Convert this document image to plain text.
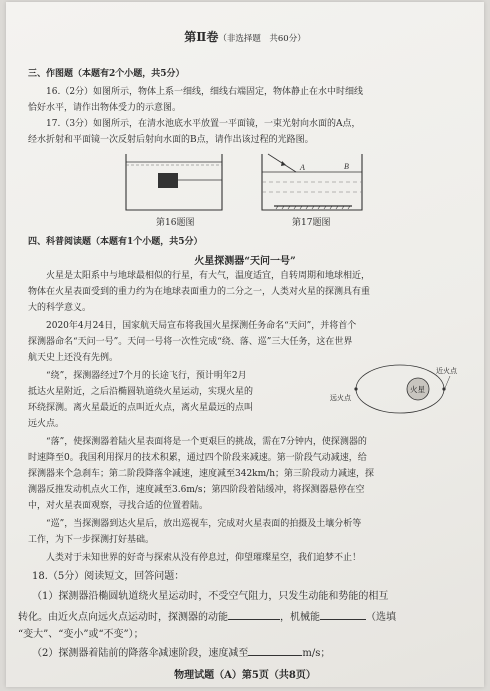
第Ⅱ卷（非选择题　共60分）
三、作图题（本题有2个小题，共5分）
16.（2分）如图所示，物体上系一细线，细线右端固定，物体静止在水中时细线
恰好水平，请作出物体受力的示意图。
17.（3分）如图所示，在清水池底水平放置一平面镜，一束光射向水面的A点，
经水折射和平面镜一次反射后射向水面的B点，请作出该过程的光路图。
第16题图
A	B
第17题图
四、科普阅读题（本题有1个小题，共5分）
火星探测器“天问一号”
火星是太阳系中与地球最相似的行星，有大气，温度适宜，自转周期和地球相近，
物体在火星表面受到的重力约为在地球表面重力的二分之一，人类对火星的探测具有重
大的科学意义。
2020年4月24日，国家航天局宣布将我国火星探测任务命名“天问”，并将首个
探测器命名“天问一号”。天问一号将一次性完成“绕、落、巡”三大任务，这在世界
航天史上还没有先例。
“绕”，探测器经过7个月的长途飞行，预计明年2月
抵达火星附近，之后沿椭圆轨道绕火星运动，实现火星的
环绕探测。离火星最近的点叫近火点，离火星最远的点叫
远火点。
火星
近火点
远火点
“落”，使探测器着陆火星表面将是一个更艰巨的挑战，需在7分钟内，使探测器的
时速降至0。我国利用探月的技术积累，通过四个阶段来减速。第一阶段气动减速，给
探测器来个急刹车；第二阶段降落伞减速，速度减至342km/h；第三阶段动力减速，探
测器反推发动机点火工作，速度减至3.6m/s；第四阶段着陆缓冲，将探测器悬停在空
中，对火星表面观察，寻找合适的位置着陆。
“巡”，当探测器到达火星后，放出巡视车，完成对火星表面的拍摄及土壤分析等
工作，为下一步探测打好基础。
人类对于未知世界的好奇与探索从没有停息过，仰望璀璨星空，我们追梦不止！
18.（5分）阅读短文，回答问题：
（1）探测器沿椭圆轨道绕火星运动时，不受空气阻力，只发生动能和势能的相互
转化。由近火点向远火点运动时，探测器的动能	，机械能	（选填
“变大”、“变小”或“不变”）；
（2）探测器着陆前的降落伞减速阶段，速度减至	m/s；
物理试题（A）第5页（共8页）
